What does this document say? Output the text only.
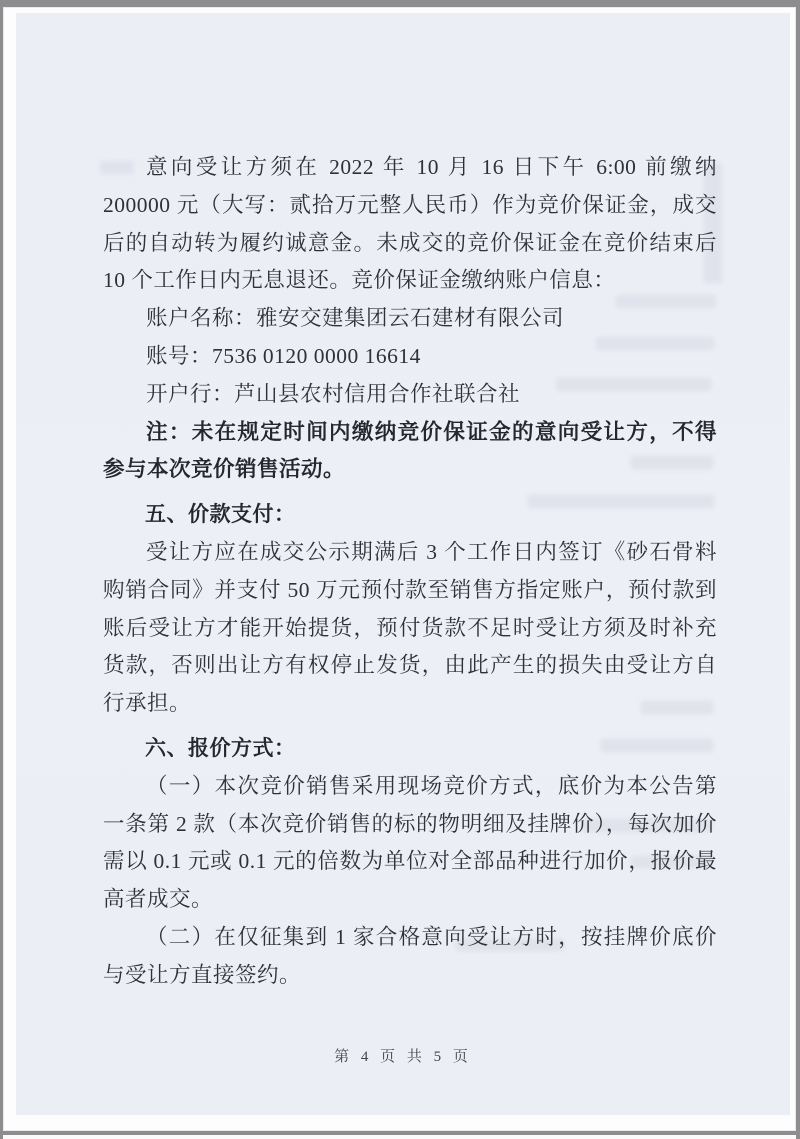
意向受让方须在 2022 年 10 月 16 日下午 6:00 前缴纳 200000 元（大写：贰拾万元整人民币）作为竞价保证金，成交后的自动转为履约诚意金。未成交的竞价保证金在竞价结束后 10 个工作日内无息退还。竞价保证金缴纳账户信息：

账户名称：雅安交建集团云石建材有限公司

账号：7536 0120 0000 16614

开户行：芦山县农村信用合作社联合社

注：未在规定时间内缴纳竞价保证金的意向受让方，不得参与本次竞价销售活动。

五、价款支付：

受让方应在成交公示期满后 3 个工作日内签订《砂石骨料购销合同》并支付 50 万元预付款至销售方指定账户，预付款到账后受让方才能开始提货，预付货款不足时受让方须及时补充货款，否则出让方有权停止发货，由此产生的损失由受让方自行承担。

六、报价方式：

（一）本次竞价销售采用现场竞价方式，底价为本公告第一条第 2 款（本次竞价销售的标的物明细及挂牌价），每次加价需以 0.1 元或 0.1 元的倍数为单位对全部品种进行加价，报价最高者成交。

（二）在仅征集到 1 家合格意向受让方时，按挂牌价底价与受让方直接签约。

第 4 页 共 5 页
